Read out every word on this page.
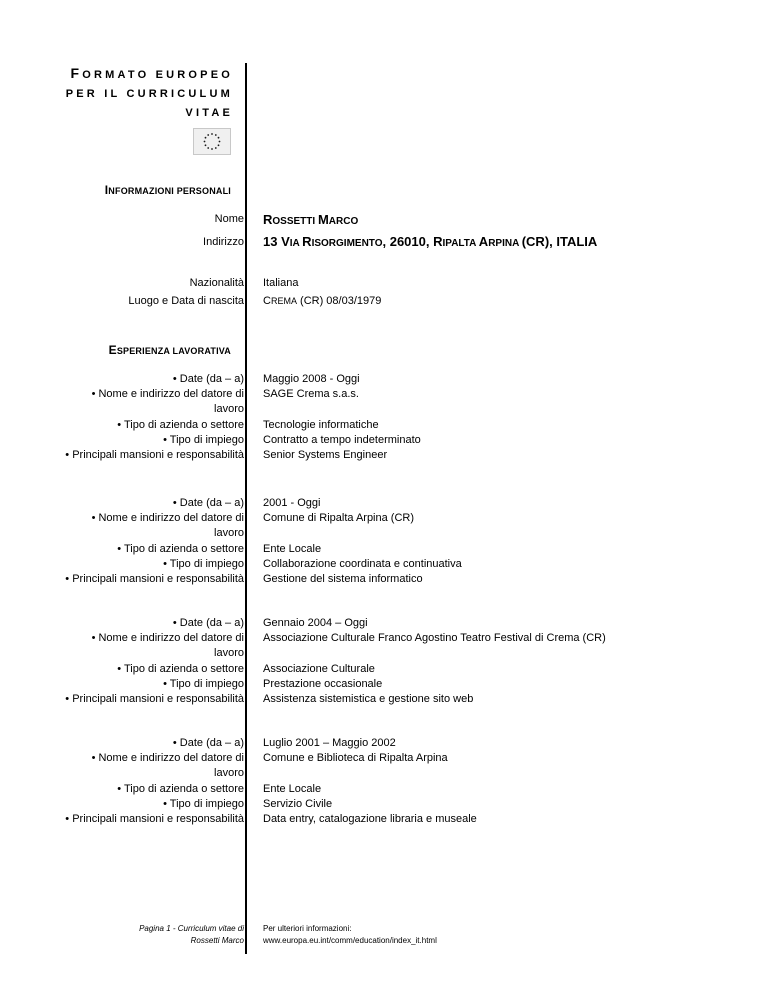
FORMATO EUROPEO
PER IL CURRICULUM
VITAE
INFORMAZIONI PERSONALI
Nome ROSSETTI MARCO
Indirizzo 13 VIA RISORGIMENTO, 26010, RIPALTA ARPINA (CR), ITALIA
Nazionalità Italiana
Luogo e Data di nascita CREMA (CR) 08/03/1979
ESPERIENZA LAVORATIVA
• Date (da – a)
• Nome e indirizzo del datore di
lavoro
• Tipo di azienda o settore
• Tipo di impiego
• Principali mansioni e responsabilità
Maggio 2008 - Oggi
SAGE Crema s.a.s.
Tecnologie informatiche
Contratto a tempo indeterminato
Senior Systems Engineer
• Date (da – a)
• Nome e indirizzo del datore di
lavoro
• Tipo di azienda o settore
• Tipo di impiego
• Principali mansioni e responsabilità
2001 - Oggi
Comune di Ripalta Arpina (CR)
Ente Locale
Collaborazione coordinata e continuativa
Gestione del sistema informatico
• Date (da – a)
• Nome e indirizzo del datore di
lavoro
• Tipo di azienda o settore
• Tipo di impiego
• Principali mansioni e responsabilità
Gennaio 2004 – Oggi
Associazione Culturale Franco Agostino Teatro Festival di Crema (CR)
Associazione Culturale
Prestazione occasionale
Assistenza sistemistica e gestione sito web
• Date (da – a)
• Nome e indirizzo del datore di
lavoro
• Tipo di azienda o settore
• Tipo di impiego
• Principali mansioni e responsabilità
Luglio 2001 – Maggio 2002
Comune e Biblioteca di Ripalta Arpina
Ente Locale
Servizio Civile
Data entry, catalogazione libraria e museale
Pagina 1 - Curriculum vitae di
Rossetti Marco
Per ulteriori informazioni:
www.europa.eu.int/comm/education/index_it.html
